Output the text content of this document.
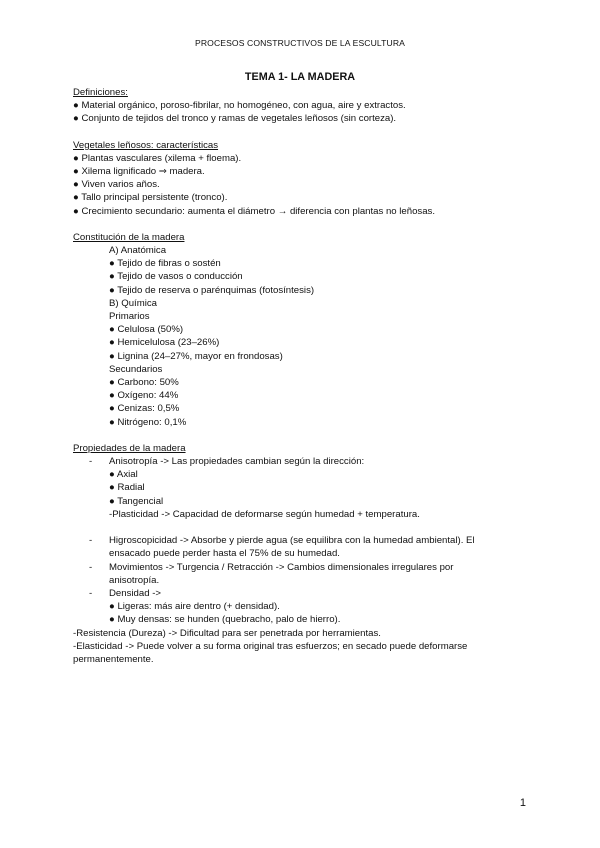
PROCESOS CONSTRUCTIVOS DE LA ESCULTURA
TEMA 1- LA MADERA
Definiciones:
● Material orgánico, poroso-fibrilar, no homogéneo, con agua, aire y extractos.
● Conjunto de tejidos del tronco y ramas de vegetales leñosos (sin corteza).
Vegetales leñosos: características
● Plantas vasculares (xilema + floema).
● Xilema lignificado ⇒ madera.
● Viven varios años.
● Tallo principal persistente (tronco).
● Crecimiento secundario: aumenta el diámetro → diferencia con plantas no leñosas.
Constitución de la madera
A) Anatómica
● Tejido de fibras o sostén
● Tejido de vasos o conducción
● Tejido de reserva o parénquimas (fotosíntesis)
B) Química
Primarios
● Celulosa (50%)
● Hemicelulosa (23–26%)
● Lignina (24–27%, mayor en frondosas)
Secundarios
● Carbono: 50%
● Oxígeno: 44%
● Cenizas: 0,5%
● Nitrógeno: 0,1%
Propiedades de la madera
- Anisotropía -> Las propiedades cambian según la dirección:
● Axial
● Radial
● Tangencial
-Plasticidad -> Capacidad de deformarse según humedad + temperatura.
- Higroscopicidad -> Absorbe y pierde agua (se equilibra con la humedad ambiental). El
ensacado puede perder hasta el 75% de su humedad.
- Movimientos -> Turgencia / Retracción -> Cambios dimensionales irregulares por
anisotropía.
- Densidad ->
● Ligeras: más aire dentro (+ densidad).
● Muy densas: se hunden (quebracho, palo de hierro).
-Resistencia (Dureza) -> Dificultad para ser penetrada por herramientas.
-Elasticidad -> Puede volver a su forma original tras esfuerzos; en secado puede deformarse
permanentemente.
1
